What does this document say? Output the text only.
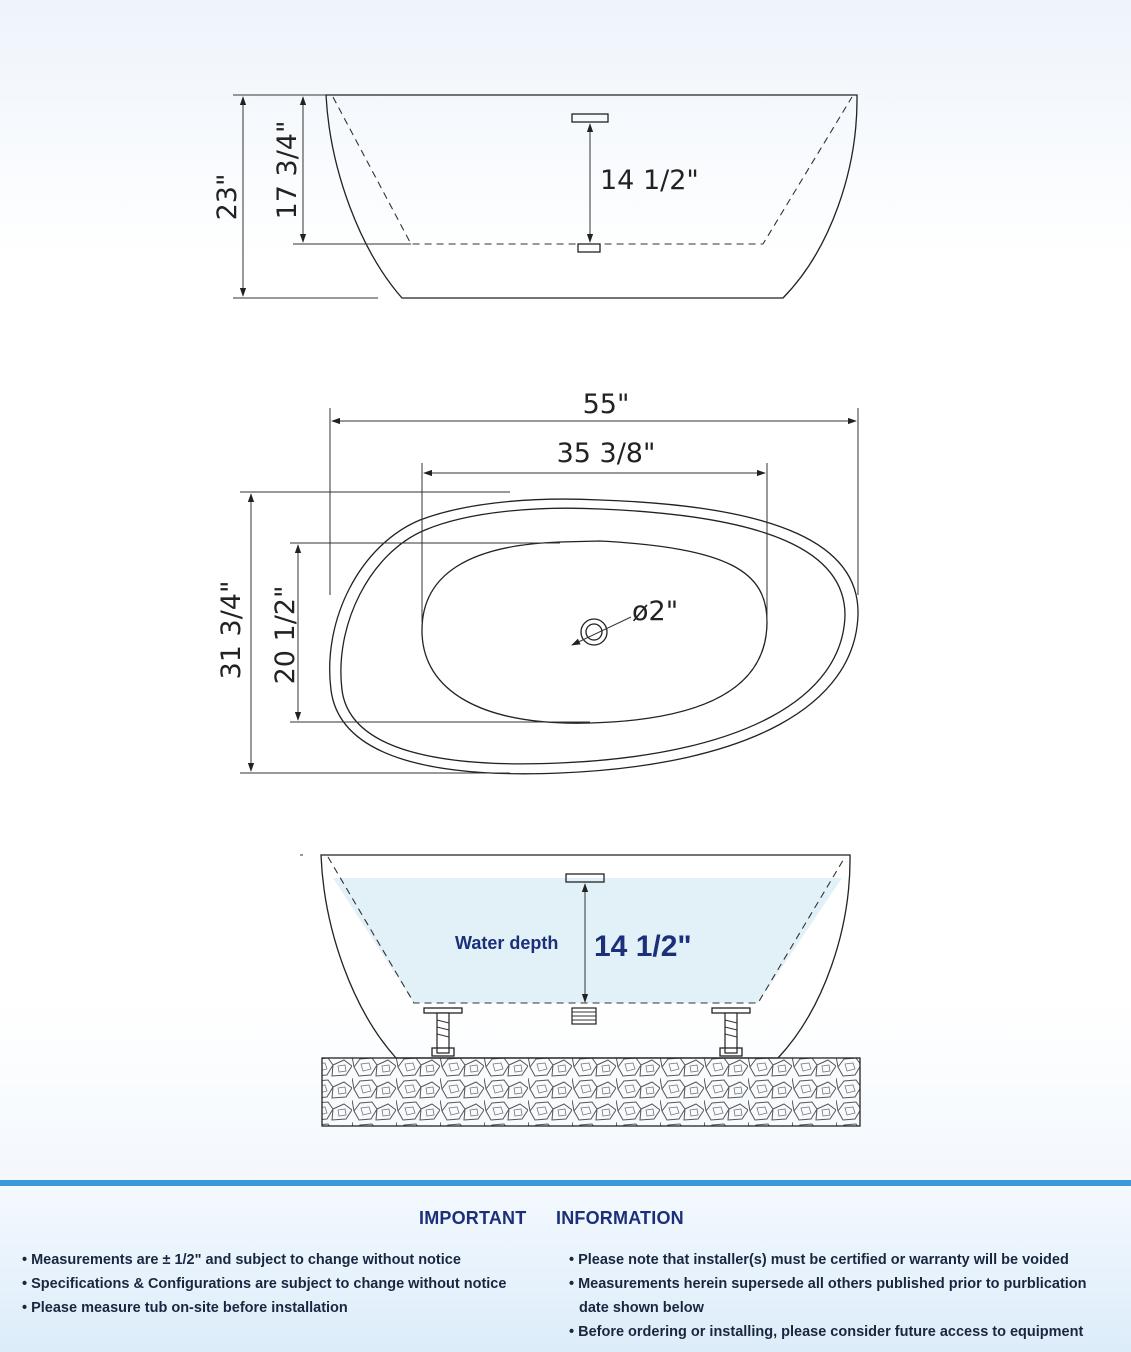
23" 17 3/4"	14 1/2"
ø2"
55"
35 3/8"
31 3/4" 20 1/2"
Water depth 14 1/2"
IMPORTANT INFORMATION
• Measurements are ± 1/2" and subject to change without notice
• Specifications & Configurations are subject to change without notice
• Please measure tub on-site before installation
• Please note that installer(s) must be certified or warranty will be voided
• Measurements herein supersede all others published prior to purblication
date shown below
• Before ordering or installing, please consider future access to equipment
